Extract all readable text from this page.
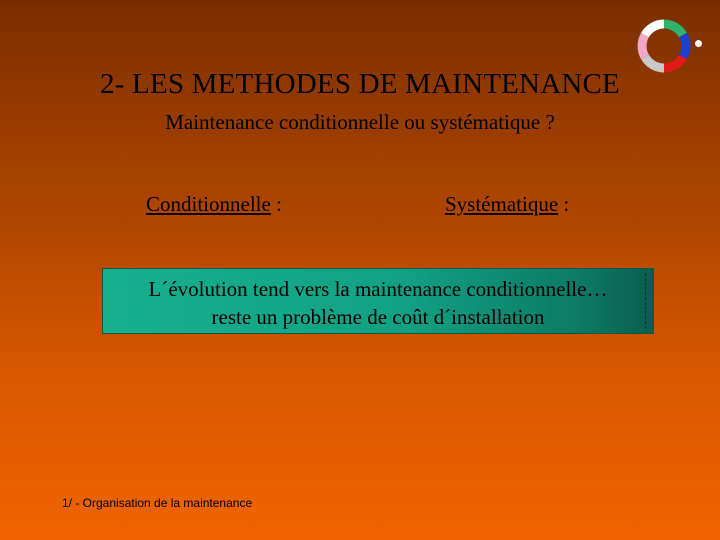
2- LES METHODES DE MAINTENANCE
Maintenance conditionnelle ou systématique ?
Conditionnelle :	Systématique :
L´évolution tend vers la maintenance conditionnelle…
reste un problème de coût d´installation
1/ - Organisation de la maintenance
